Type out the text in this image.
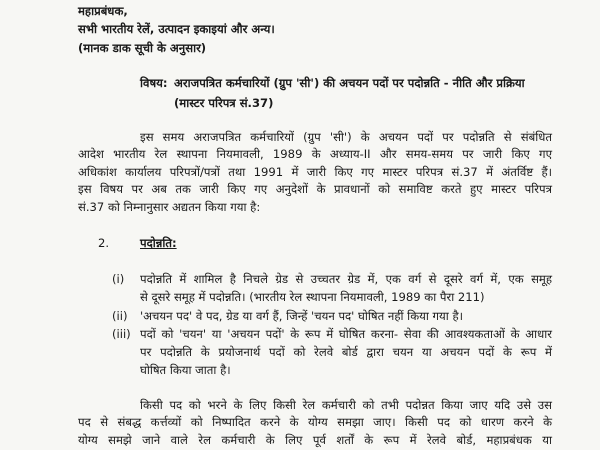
महाप्रबंधक,
सभी भारतीय रेलें, उत्पादन इकाइयां और अन्य।
(मानक डाक सूची के अनुसार)
विषय: अराजपत्रित कर्मचारियों (ग्रुप 'सी') की अचयन पदों पर पदोन्नति - नीति और प्रक्रिया
(मास्टर परिपत्र सं.37)
इस समय अराजपत्रित कर्मचारियों (ग्रुप 'सी') के अचयन पदों पर पदोन्नति से संबंधित
आदेश भारतीय रेल स्थापना नियमावली, 1989 के अध्याय-II और समय-समय पर जारी किए गए
अधिकांश कार्यालय परिपत्रों/पत्रों तथा 1991 में जारी किए गए मास्टर परिपत्र सं.37 में अंतर्विष्ट हैं।
इस विषय पर अब तक जारी किए गए अनुदेशों के प्रावधानों को समाविष्ट करते हुए मास्टर परिपत्र
सं.37 को निम्नानुसार अद्यतन किया गया है:
2.	पदोन्नति:
(i) पदोन्नति में शामिल है निचले ग्रेड से उच्चतर ग्रेड में, एक वर्ग से दूसरे वर्ग में, एक समूह
से दूसरे समूह में पदोन्नति। (भारतीय रेल स्थापना नियमावली, 1989 का पैरा 211)
(ii) 'अचयन पद' वे पद, ग्रेड या वर्ग हैं, जिन्हें 'चयन पद' घोषित नहीं किया गया है।
(iii) पदों को 'चयन' या 'अचयन पदों' के रूप में घोषित करना- सेवा की आवश्यकताओं के आधार
पर पदोन्नति के प्रयोजनार्थ पदों को रेलवे बोर्ड द्वारा चयन या अचयन पदों के रूप में
घोषित किया जाता है।
किसी पद को भरने के लिए किसी रेल कर्मचारी को तभी पदोन्नत किया जाए यदि उसे उस
पद से संबद्ध कर्त्तव्यों को निष्पादित करने के योग्य समझा जाए। किसी पद को धारण करने के
योग्य समझे जाने वाले रेल कर्मचारी के लिए पूर्व शर्तों के रूप में रेलवे बोर्ड, महाप्रबंधक या
